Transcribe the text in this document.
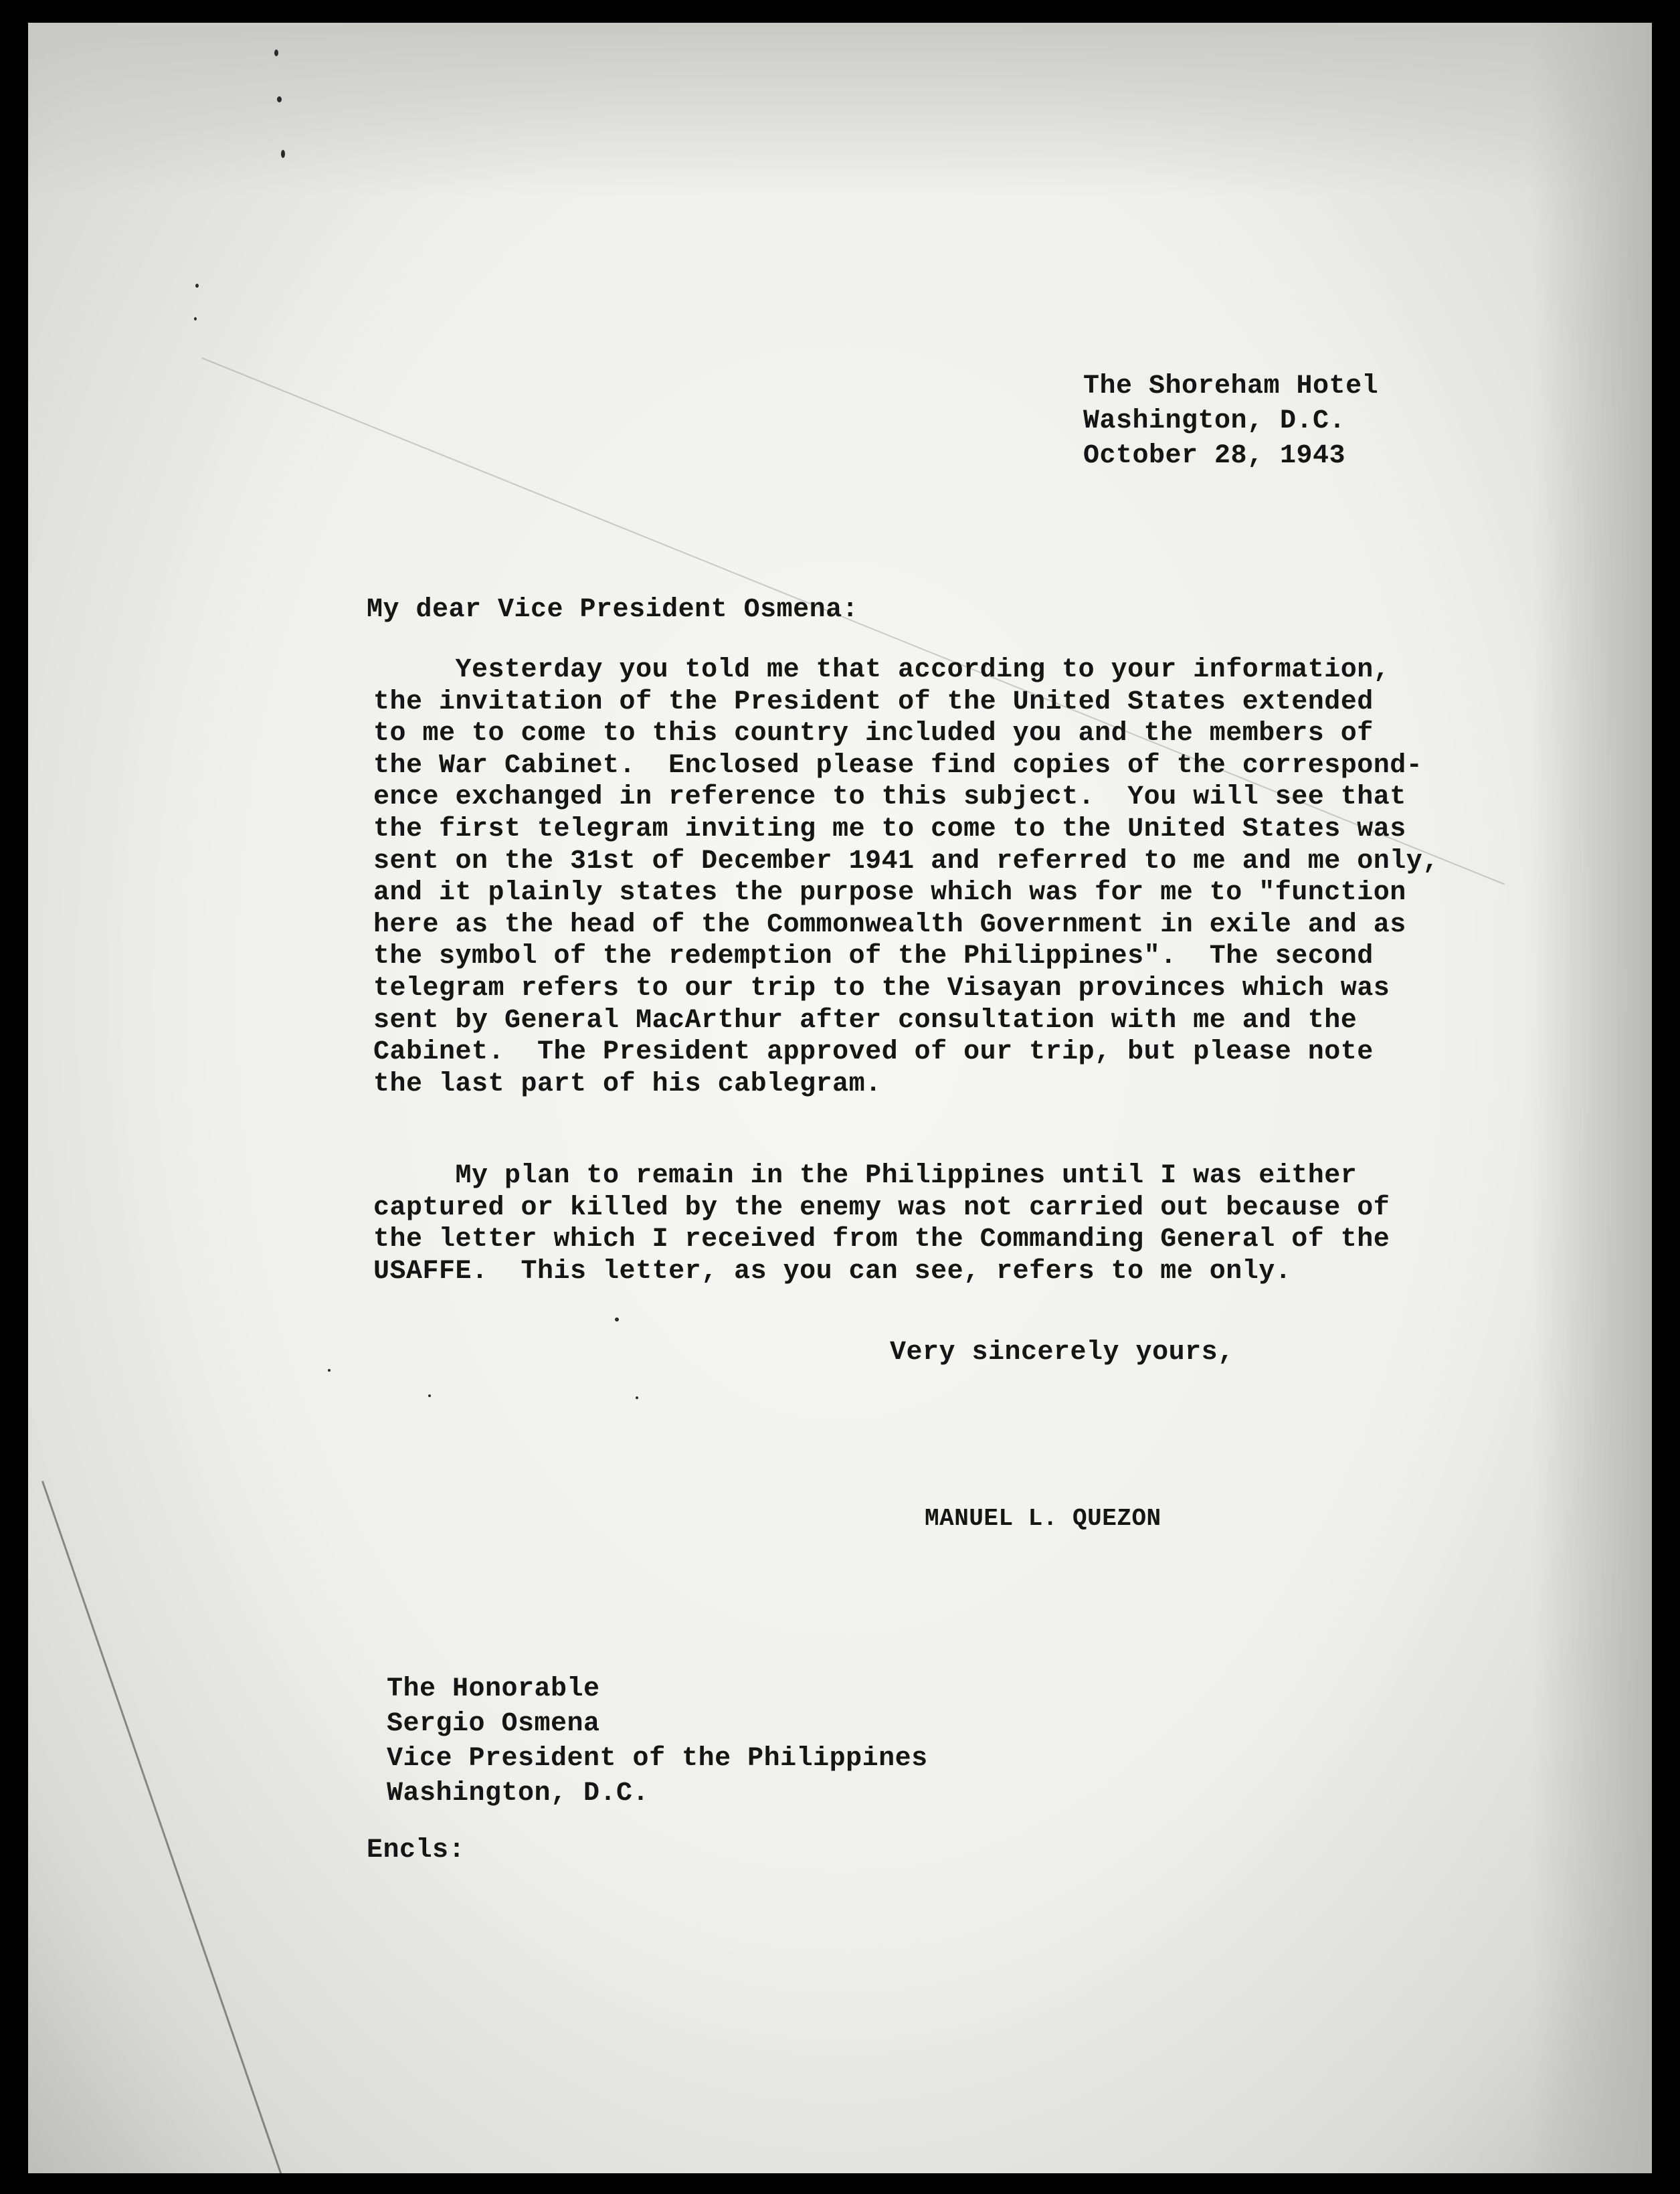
The Shoreham Hotel
Washington, D.C.
October 28, 1943
My dear Vice President Osmena:
Yesterday you told me that according to your information,
the invitation of the President of the United States extended
to me to come to this country included you and the members of
the War Cabinet.  Enclosed please find copies of the correspond-
ence exchanged in reference to this subject.  You will see that
the first telegram inviting me to come to the United States was
sent on the 31st of December 1941 and referred to me and me only,
and it plainly states the purpose which was for me to "function
here as the head of the Commonwealth Government in exile and as
the symbol of the redemption of the Philippines".  The second
telegram refers to our trip to the Visayan provinces which was
sent by General MacArthur after consultation with me and the
Cabinet.  The President approved of our trip, but please note
the last part of his cablegram.
My plan to remain in the Philippines until I was either
captured or killed by the enemy was not carried out because of
the letter which I received from the Commanding General of the
USAFFE.  This letter, as you can see, refers to me only.
Very sincerely yours,
MANUEL L. QUEZON
The Honorable
Sergio Osmena
Vice President of the Philippines
Washington, D.C.
Encls:
